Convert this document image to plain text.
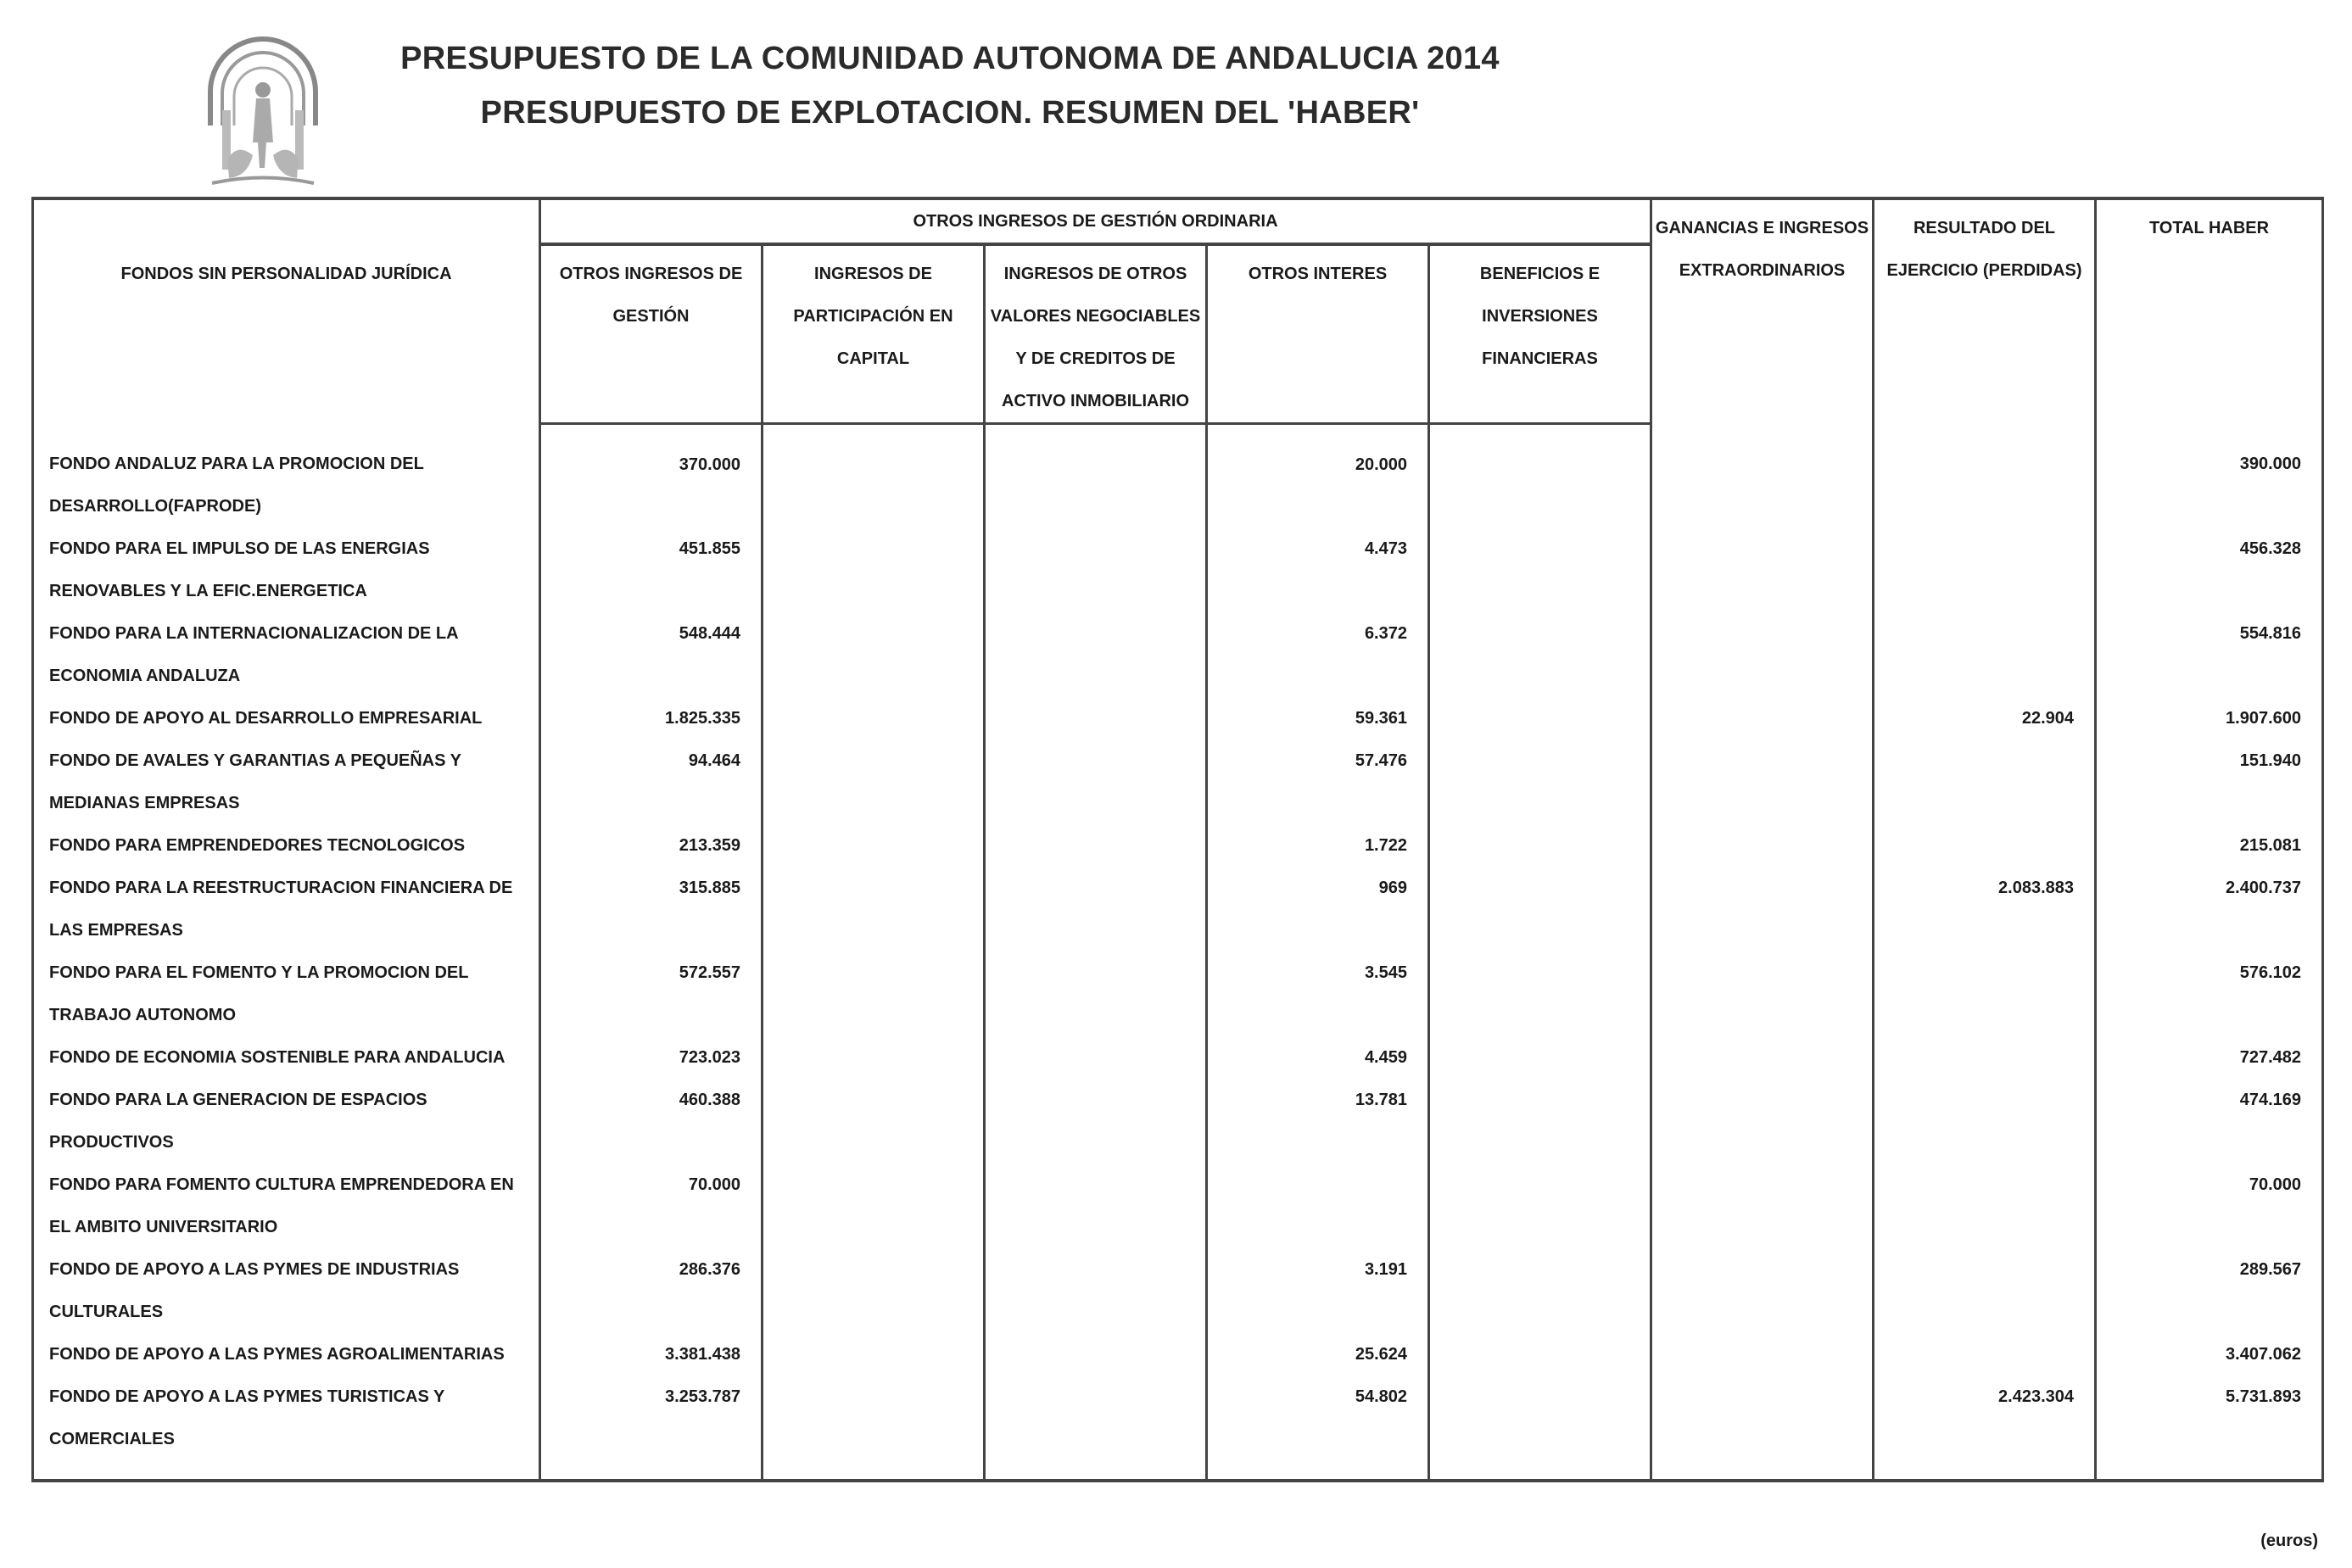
PRESUPUESTO DE LA COMUNIDAD AUTONOMA DE ANDALUCIA 2014
PRESUPUESTO DE EXPLOTACION. RESUMEN DEL 'HABER'
FONDOS SIN PERSONALIDAD JURÍDICA	OTROS INGRESOS DE GESTIÓN ORDINARIA					GANANCIAS E INGRESOS EXTRAORDINARIOS	RESULTADO DEL EJERCICIO (PERDIDAS)	TOTAL HABER
	OTROS INGRESOS DE GESTIÓN	INGRESOS DE PARTICIPACIÓN EN CAPITAL	INGRESOS DE OTROS VALORES NEGOCIABLES Y DE CREDITOS DE ACTIVO INMOBILIARIO	OTROS INTERES	BENEFICIOS E INVERSIONES FINANCIERAS			
FONDO ANDALUZ PARA LA PROMOCION DEL DESARROLLO(FAPRODE)	370.000			20.000				390.000
FONDO PARA EL IMPULSO DE LAS ENERGIAS RENOVABLES Y LA EFIC.ENERGETICA	451.855			4.473				456.328
FONDO PARA LA INTERNACIONALIZACION DE LA ECONOMIA ANDALUZA	548.444			6.372				554.816
FONDO DE APOYO AL DESARROLLO EMPRESARIAL	1.825.335			59.361			22.904	1.907.600
FONDO DE AVALES Y GARANTIAS A PEQUEÑAS Y MEDIANAS EMPRESAS	94.464			57.476				151.940
FONDO PARA EMPRENDEDORES TECNOLOGICOS	213.359			1.722				215.081
FONDO PARA LA REESTRUCTURACION FINANCIERA DE LAS EMPRESAS	315.885			969			2.083.883	2.400.737
FONDO PARA EL FOMENTO Y LA PROMOCION DEL TRABAJO AUTONOMO	572.557			3.545				576.102
FONDO DE ECONOMIA SOSTENIBLE PARA ANDALUCIA	723.023			4.459				727.482
FONDO PARA LA GENERACION DE ESPACIOS PRODUCTIVOS	460.388			13.781				474.169
FONDO PARA FOMENTO CULTURA EMPRENDEDORA EN EL AMBITO UNIVERSITARIO	70.000							70.000
FONDO DE APOYO A LAS PYMES DE INDUSTRIAS CULTURALES	286.376			3.191				289.567
FONDO DE APOYO A LAS PYMES AGROALIMENTARIAS	3.381.438			25.624				3.407.062
FONDO DE APOYO A LAS PYMES TURISTICAS Y COMERCIALES	3.253.787			54.802			2.423.304	5.731.893
(euros)
